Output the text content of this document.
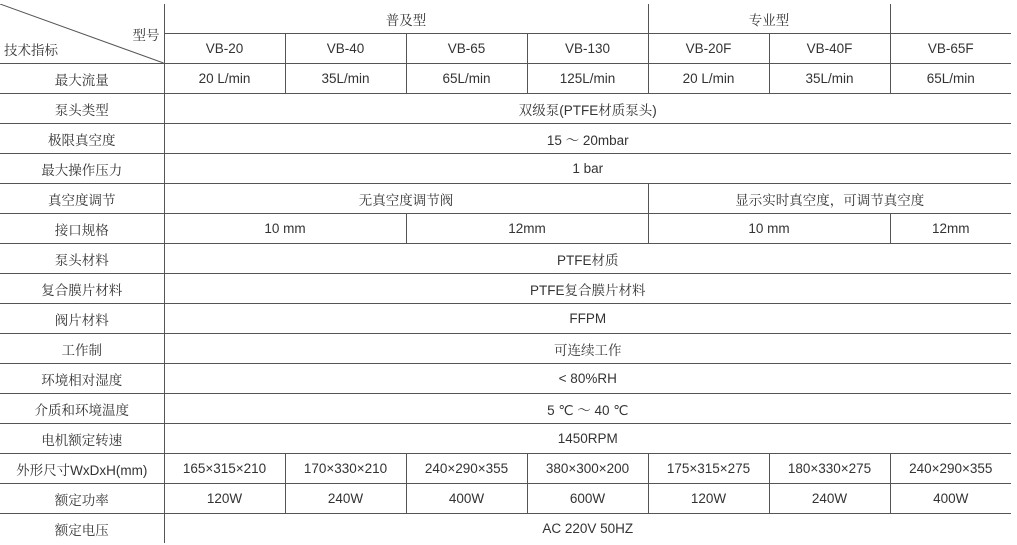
型号
技术指标	普及型				专业型		
	VB-20	VB-40	VB-65	VB-130	VB-20F	VB-40F	VB-65F
最大流量	20 L/min	35L/min	65L/min	125L/min	20 L/min	35L/min	65L/min
泵头类型	双级泵(PTFE材质泵头)						
极限真空度	15 ～ 20mbar						
最大操作压力	1 bar						
真空度调节	无真空度调节阀				显示实时真空度，可调节真空度		
接口规格	10 mm		12mm		10 mm		12mm
泵头材料	PTFE材质						
复合膜片材料	PTFE复合膜片材料						
阀片材料	FFPM						
工作制	可连续工作						
环境相对湿度	< 80%RH						
介质和环境温度	5 ℃ ～ 40 ℃						
电机额定转速	1450RPM						
外形尺寸WxDxH(mm)	165×315×210	170×330×210	240×290×355	380×300×200	175×315×275	180×330×275	240×290×355
额定功率	120W	240W	400W	600W	120W	240W	400W
额定电压	AC 220V 50HZ						
